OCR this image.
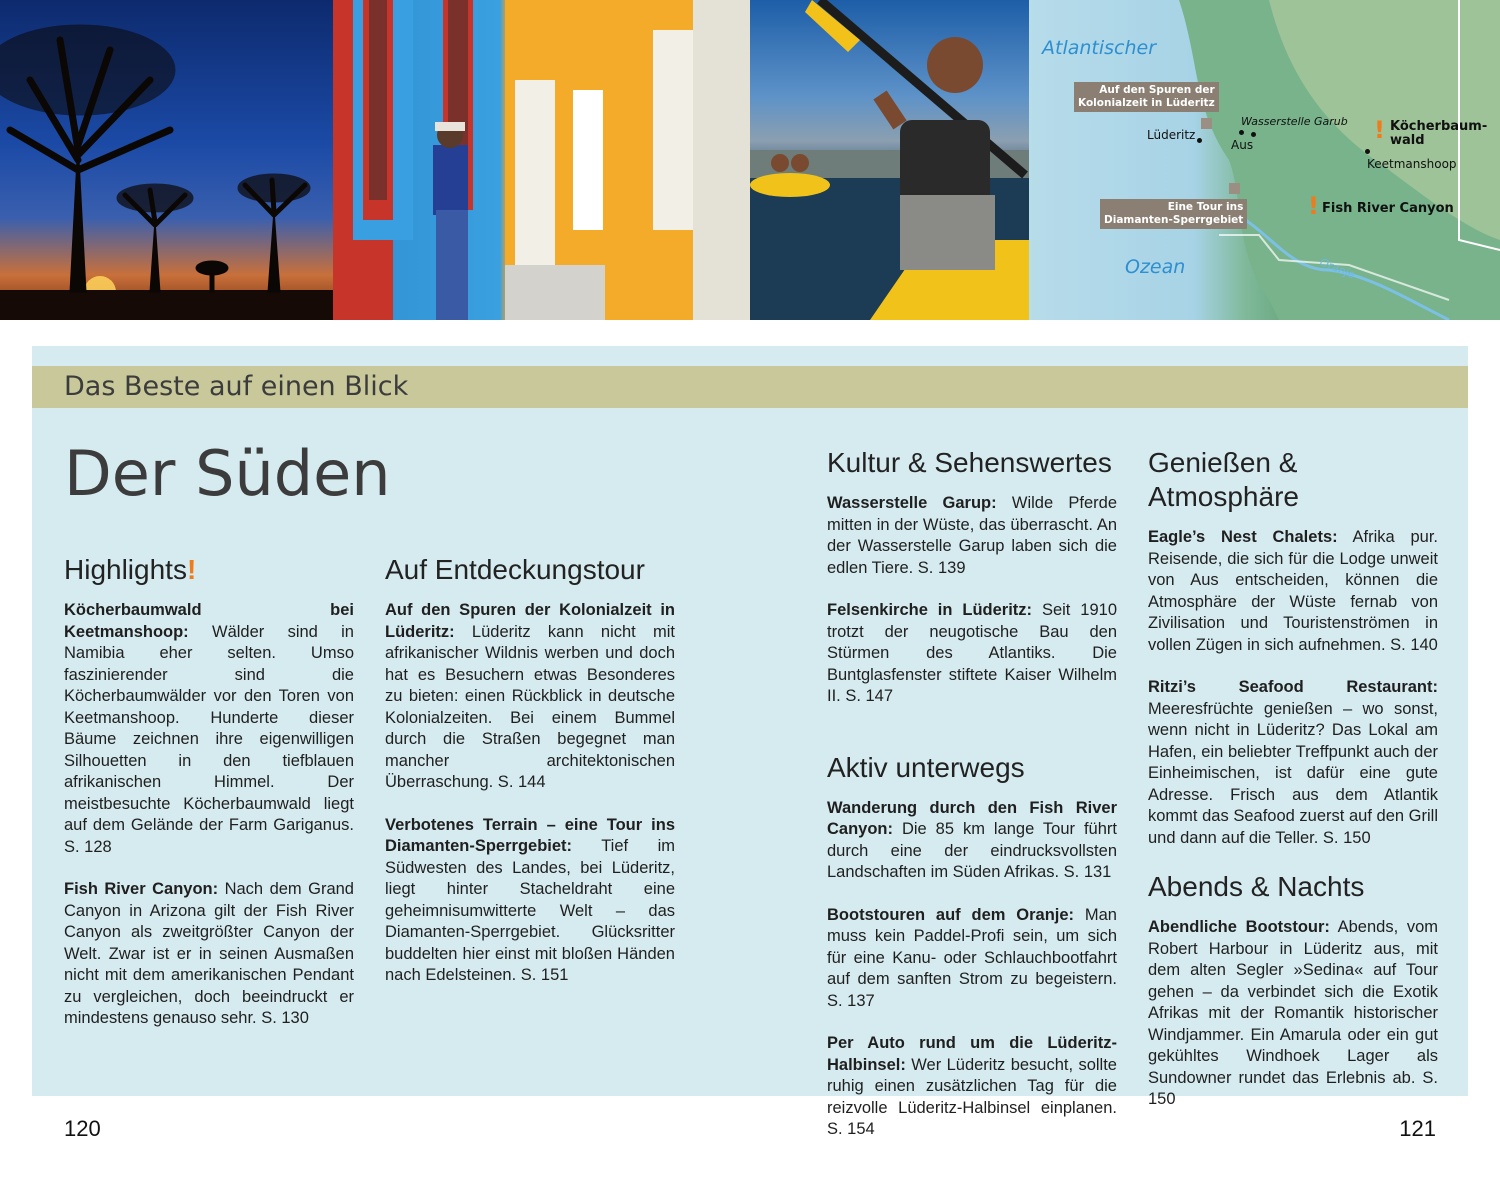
Atlantischer
Ozean	Oranje
Auf den Spuren der
Kolonialzeit in Lüderitz
Eine Tour ins
Diamanten-Sperrgebiet
Lüderitz
Aus
Wasserstelle Garub
Keetmanshoop
! Köcherbaum-
wald
! Fish River Canyon
Das Beste auf einen Blick
Der Süden
Highlights!

Köcherbaumwald bei Keetmanshoop: Wälder sind in Namibia eher selten. Umso faszinierender sind die Köcherbaumwälder vor den Toren von Keetmanshoop. Hunderte dieser Bäume zeichnen ihre eigenwilligen Silhouetten in den tiefblauen afrikanischen Himmel. Der meistbesuchte Köcherbaumwald liegt auf dem Gelände der Farm Gariganus. S. 128

Fish River Canyon: Nach dem Grand Canyon in Arizona gilt der Fish River Canyon als zweitgrößter Canyon der Welt. Zwar ist er in seinen Ausmaßen nicht mit dem amerikanischen Pendant zu vergleichen, doch beeindruckt er mindestens genauso sehr. S. 130

Auf Entdeckungstour

Auf den Spuren der Kolonialzeit in Lüderitz: Lüderitz kann nicht mit afrikanischer Wildnis werben und doch hat es Besuchern etwas Besonderes zu bieten: einen Rückblick in deutsche Kolonialzeiten. Bei einem Bummel durch die Straßen begegnet man mancher architektonischen Überraschung. S. 144

Verbotenes Terrain – eine Tour ins Diamanten-Sperrgebiet: Tief im Südwesten des Landes, bei Lüderitz, liegt hinter Stacheldraht eine geheimnisumwitterte Welt – das Diamanten-Sperrgebiet. Glücksritter buddelten hier einst mit bloßen Händen nach Edelsteinen. S. 151

Kultur & Sehenswertes

Wasserstelle Garup: Wilde Pferde mitten in der Wüste, das überrascht. An der Wasserstelle Garup laben sich die edlen Tiere. S. 139

Felsenkirche in Lüderitz: Seit 1910 trotzt der neugotische Bau den Stürmen des Atlantiks. Die Buntglasfenster stiftete Kaiser Wilhelm II. S. 147

Aktiv unterwegs

Wanderung durch den Fish River Canyon: Die 85 km lange Tour führt durch eine der eindrucksvollsten Landschaften im Süden Afrikas. S. 131

Bootstouren auf dem Oranje: Man muss kein Paddel-Profi sein, um sich für eine Kanu- oder Schlauchbootfahrt auf dem sanften Strom zu begeistern. S. 137

Per Auto rund um die Lüderitz-Halbinsel: Wer Lüderitz besucht, sollte ruhig einen zusätzlichen Tag für die reizvolle Lüderitz-Halbinsel einplanen. S. 154

Genießen & Atmosphäre

Eagle’s Nest Chalets: Afrika pur. Reisende, die sich für die Lodge unweit von Aus entscheiden, können die Atmosphäre der Wüste fernab von Zivilisation und Touristenströmen in vollen Zügen in sich aufnehmen. S. 140

Ritzi’s Seafood Restaurant: Meeresfrüchte genießen – wo sonst, wenn nicht in Lüderitz? Das Lokal am Hafen, ein beliebter Treffpunkt auch der Einheimischen, ist dafür eine gute Adresse. Frisch aus dem Atlantik kommt das Seafood zuerst auf den Grill und dann auf die Teller. S. 150

Abends & Nachts

Abendliche Bootstour: Abends, vom Robert Harbour in Lüderitz aus, mit dem alten Segler »Sedina« auf Tour gehen – da verbindet sich die Exotik Afrikas mit der Romantik historischer Windjammer. Ein Amarula oder ein gut gekühltes Windhoek Lager als Sundowner rundet das Erlebnis ab. S. 150

120	121
